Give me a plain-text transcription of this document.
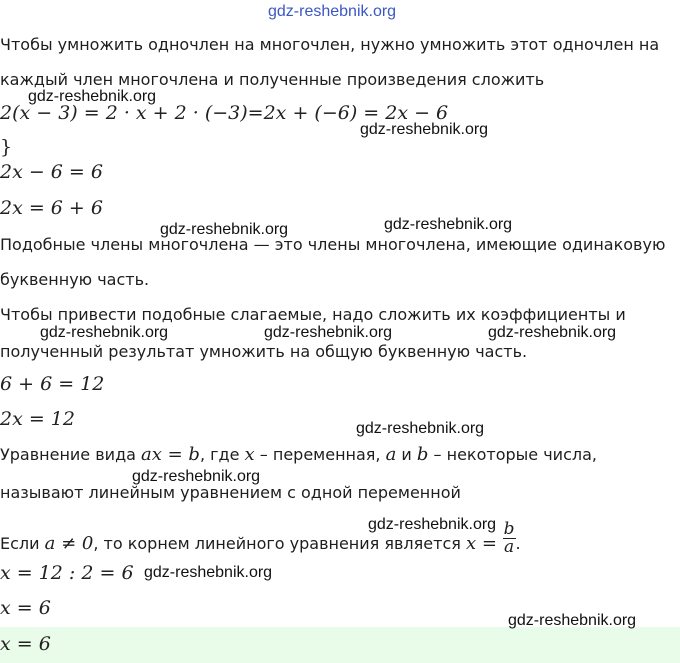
gdz-reshebnik.org
Чтобы умножить одночлен на многочлен, нужно умножить этот одночлен на
каждый член многочлена и полученные произведения сложить
2(x − 3) = 2 · x + 2 · (−3)=2x + (−6) = 2x − 6
}
2x − 6 = 6
2x = 6 + 6
Подобные члены многочлена — это члены многочлена, имеющие одинаковую
буквенную часть.
Чтобы привести подобные слагаемые, надо сложить их коэффициенты и
полученный результат умножить на общую буквенную часть.
6 + 6 = 12
2x = 12
Уравнение вида ax = b, где x – переменная, a и b – некоторые числа,
называют линейным уравнением с одной переменной
Если a ≠ 0, то корнем линейного уравнения является $x = \frac{b}{a}$ .
x = 12 : 2 = 6
x = 6
x = 6
gdz-reshebnik.org
gdz-reshebnik.org
gdz-reshebnik.org	gdz-reshebnik.org
gdz-reshebnik.org	gdz-reshebnik.org	gdz-reshebnik.org
gdz-reshebnik.org
gdz-reshebnik.org
gdz-reshebnik.org
gdz-reshebnik.org
gdz-reshebnik.org
